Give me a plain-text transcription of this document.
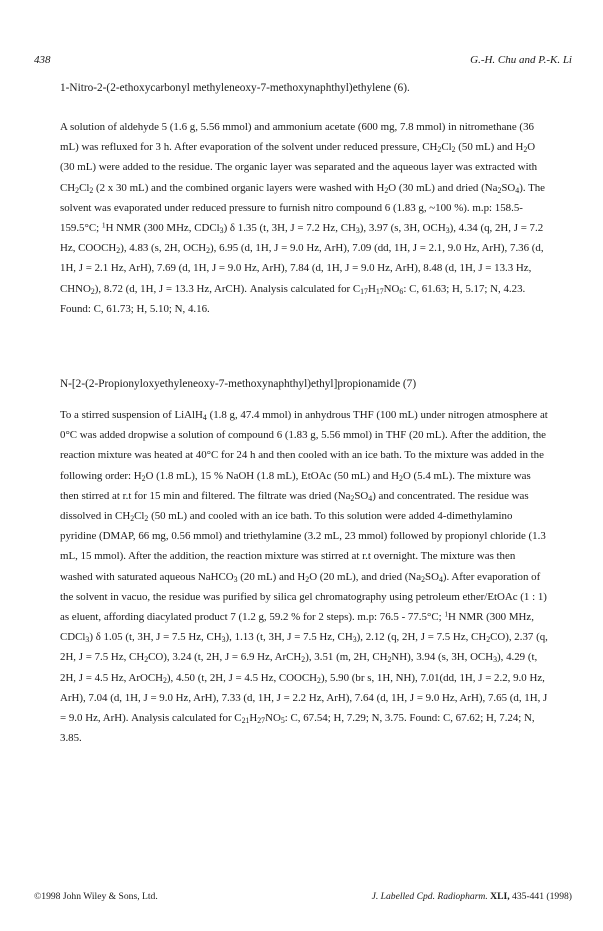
438	G.-H. Chu and P.-K. Li
1-Nitro-2-(2-ethoxycarbonyl methyleneoxy-7-methoxynaphthyl)ethylene (6).

A solution of aldehyde 5 (1.6 g, 5.56 mmol) and ammonium acetate (600 mg, 7.8 mmol) in nitromethane (36 mL) was refluxed for 3 h. After evaporation of the solvent under reduced pressure, $CH_2Cl_2$ (50 mL) and $H_2O$ (30 mL) were added to the residue. The organic layer was separated and the aqueous layer was extracted with $CH_2Cl_2$ (2 x 30 mL) and the combined organic layers were washed with $H_2O$ (30 mL) and dried $(Na_2SO_4)$. The solvent was evaporated under reduced pressure to furnish nitro compound 6 (1.83 g, ~100 %). m.p: 158.5-159.5°C; $^1$H NMR (300 MHz, CDCl$_3$) δ 1.35 (t, 3H, J = 7.2 Hz, $CH_3$), 3.97 (s, 3H, $OCH_3$), 4.34 (q, 2H, J = 7.2 Hz, $COOCH_2$), 4.83 (s, 2H, $OCH_2$), 6.95 (d, 1H, J = 9.0 Hz, ArH), 7.09 (dd, 1H, J = 2.1, 9.0 Hz, ArH), 7.36 (d, 1H, J = 2.1 Hz, ArH), 7.69 (d, 1H, J = 9.0 Hz, ArH), 7.84 (d, 1H, J = 9.0 Hz, ArH), 8.48 (d, 1H, J = 13.3 Hz, $CHNO_2$), 8.72 (d, 1H, J = 13.3 Hz, ArCH). Analysis calculated for $C_{17}H_{17}NO_6$: C, 61.63; H, 5.17; N, 4.23. Found: C, 61.73; H, 5.10; N, 4.16.

N-[2-(2-Propionyloxyethyleneoxy-7-methoxynaphthyl)ethyl]propionamide (7)

To a stirred suspension of LiAlH$_4$ (1.8 g, 47.4 mmol) in anhydrous THF (100 mL) under nitrogen atmosphere at 0°C was added dropwise a solution of compound 6 (1.83 g, 5.56 mmol) in THF (20 mL). After the addition, the reaction mixture was heated at 40°C for 24 h and then cooled with an ice bath. To the mixture was added in the following order: $H_2O$ (1.8 mL), 15 % NaOH (1.8 mL), EtOAc (50 mL) and $H_2O$ (5.4 mL). The mixture was then stirred at r.t for 15 min and filtered. The filtrate was dried $(Na_2SO_4)$ and concentrated. The residue was dissolved in $CH_2Cl_2$ (50 mL) and cooled with an ice bath. To this solution were added 4-dimethylamino pyridine (DMAP, 66 mg, 0.56 mmol) and triethylamine (3.2 mL, 23 mmol) followed by propionyl chloride (1.3 mL, 15 mmol). After the addition, the reaction mixture was stirred at r.t overnight. The mixture was then washed with saturated aqueous NaHCO$_3$ (20 mL) and $H_2O$ (20 mL), and dried $(Na_2SO_4)$. After evaporation of the solvent in vacuo, the residue was purified by silica gel chromatography using petroleum ether/EtOAc (1 : 1) as eluent, affording diacylated product 7 (1.2 g, 59.2 % for 2 steps). m.p: 76.5 - 77.5°C; $^1$H NMR (300 MHz, CDCl$_3$) δ 1.05 (t, 3H, J = 7.5 Hz, $CH_3$), 1.13 (t, 3H, J = 7.5 Hz, $CH_3$), 2.12 (q, 2H, J = 7.5 Hz, $CH_2CO$), 2.37 (q, 2H, J = 7.5 Hz, $CH_2CO$), 3.24 (t, 2H, J = 6.9 Hz, ArCH$_2$), 3.51 (m, 2H, $CH_2NH$), 3.94 (s, 3H, $OCH_3$), 4.29 (t, 2H, J = 4.5 Hz, ArOCH$_2$), 4.50 (t, 2H, J = 4.5 Hz, $COOCH_2$), 5.90 (br s, 1H, NH), 7.01(dd, 1H, J = 2.2, 9.0 Hz, ArH), 7.04 (d, 1H, J = 9.0 Hz, ArH), 7.33 (d, 1H, J = 2.2 Hz, ArH), 7.64 (d, 1H, J = 9.0 Hz, ArH), 7.65 (d, 1H, J = 9.0 Hz, ArH). Analysis calculated for $C_{21}H_{27}NO_5$: C, 67.54; H, 7.29; N, 3.75. Found: C, 67.62; H, 7.24; N, 3.85.

©1998 John Wiley & Sons, Ltd.	J. Labelled Cpd. Radiopharm. XLI, 435-441 (1998)
